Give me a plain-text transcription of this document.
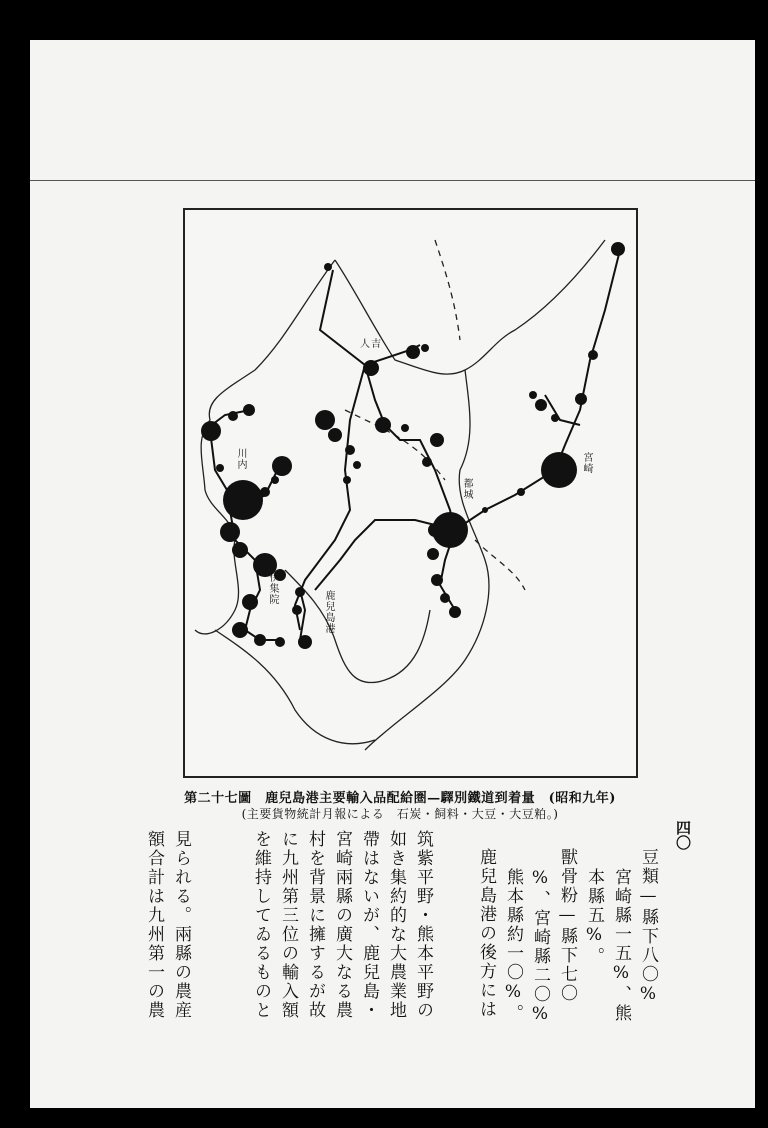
人吉
宮崎
川内
都城
伊集院
鹿兒島港
第二十七圖　鹿兒島港主要輸入品配給圏—驛別鐵道到着量　(昭和九年)
(主要貨物統計月報による　石炭・飼料・大豆・大豆粕。)
四〇
豆類—縣下八〇%
宮崎縣一五%、熊
本縣五%。
獸骨粉—縣下七〇
%、宮崎縣二〇%
熊本縣約一〇%。
鹿兒島港の後方には
筑紫平野・熊本平野の
如き集約的な大農業地
帶はないが、鹿兒島・
宮崎兩縣の廣大なる農
村を背景に擁するが故
に九州第三位の輸入額
を維持してゐるものと
見られる。兩縣の農産
額合計は九州第一の農
